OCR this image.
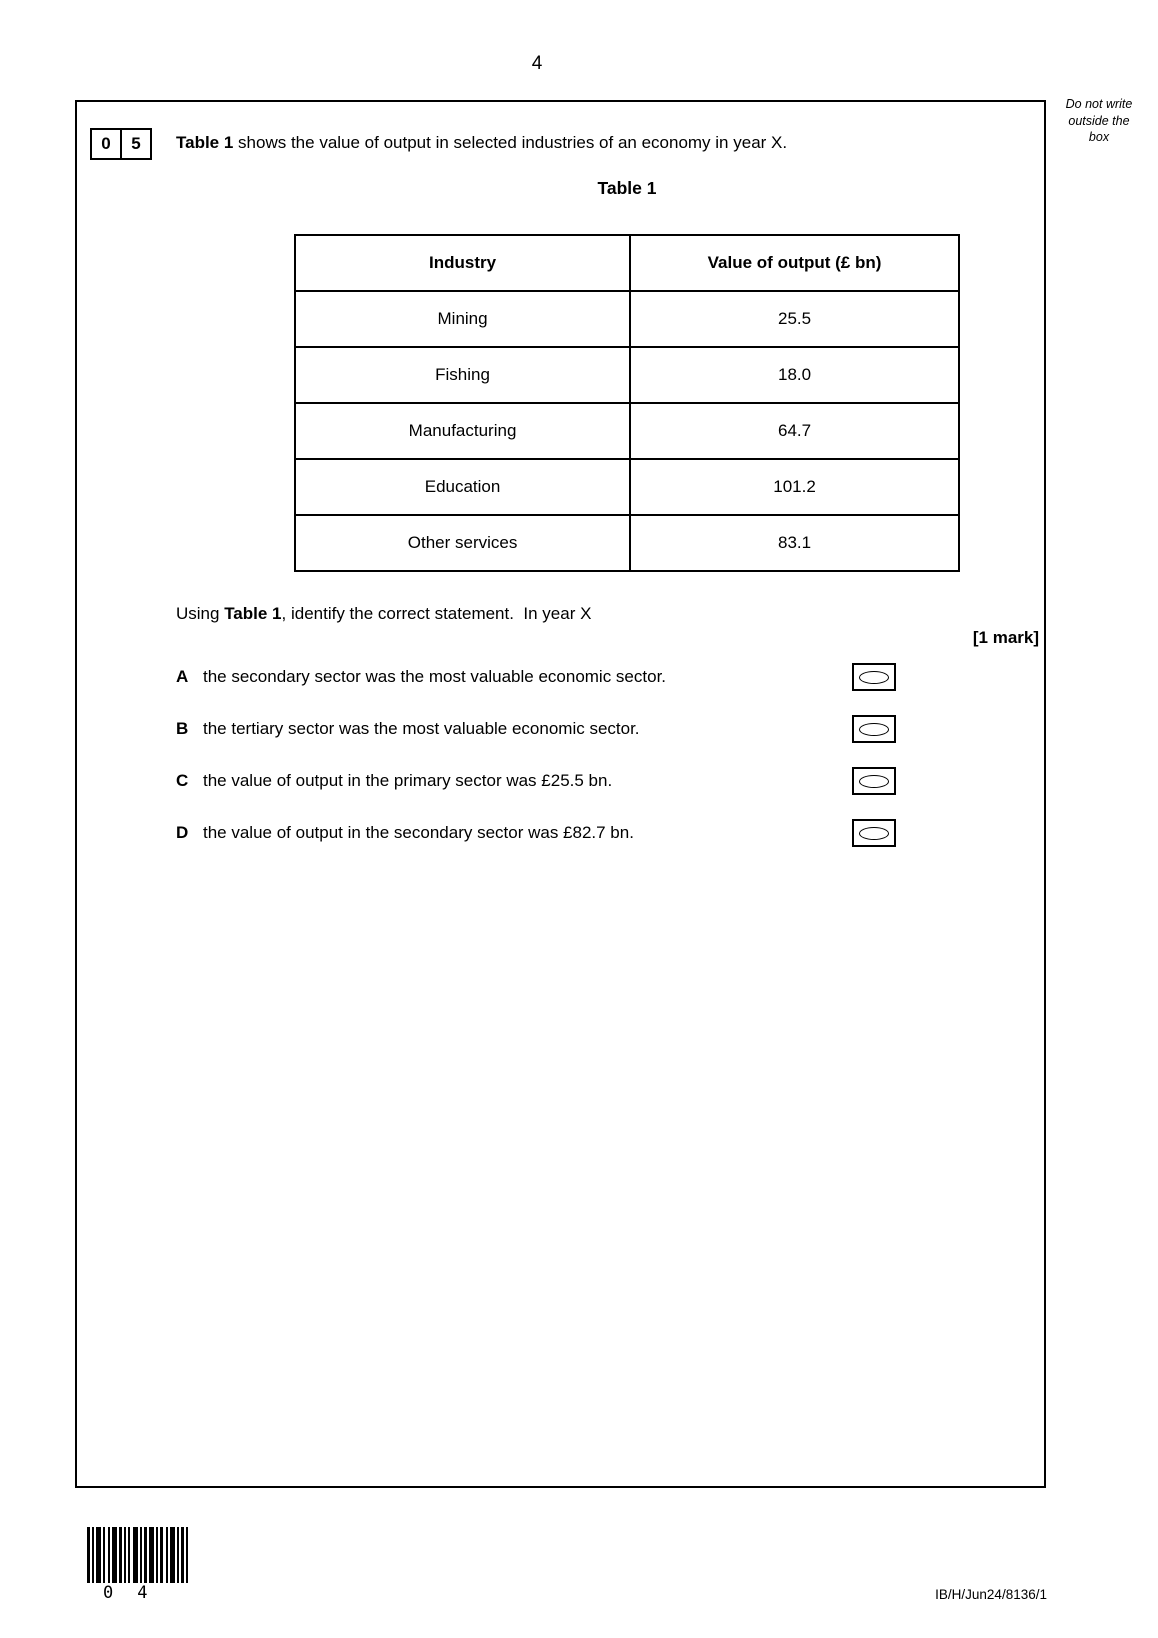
4
Do not write
outside the
box
0	5	Table 1 shows the value of output in selected industries of an economy in year X.
Table 1
Industry	Value of output (£ bn)
Mining	25.5
Fishing	18.0
Manufacturing	64.7
Education	101.2
Other services	83.1
Using Table 1, identify the correct statement.  In year X
[1 mark]
A the secondary sector was the most valuable economic sector.
B the tertiary sector was the most valuable economic sector.
C the value of output in the primary sector was £25.5 bn.
D the value of output in the secondary sector was £82.7 bn.
0 4	IB/H/Jun24/8136/1
